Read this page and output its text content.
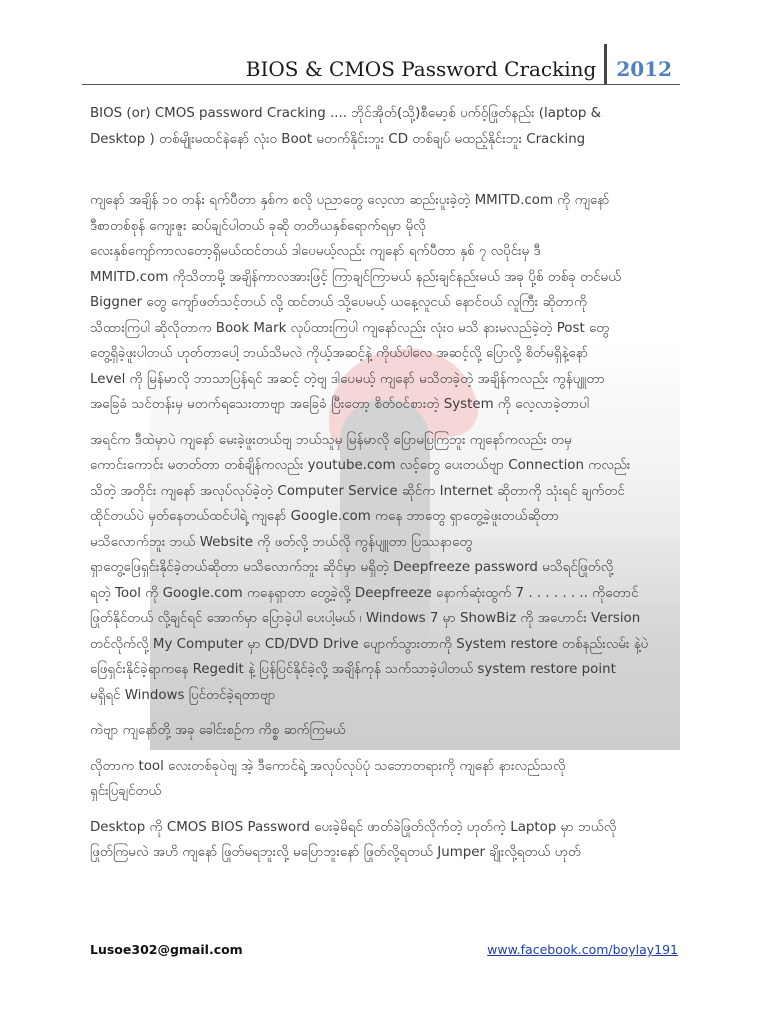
BIOS & CMOS Password Cracking	2012

BIOS (or) CMOS password Cracking .... ဘိုင်အိုတ်(သို့)စီမော့စ် ပက်ဝ့်ဖြုတ်နည်း (laptop &
Desktop ) တစ်မျိုးမထင်နဲနော် လုံးဝ Boot မတက်နိုင်းဘူး CD တစ်ချပ် မထည့်နိုင်းဘူး Cracking

ကျနော် အချိန် ၁၀ တန်း ရက်ပီတာ နှစ်က စလို ပညာတွေ လေ့လာ ဆည်းပူးခဲ့တဲ့ MMITD.com ကို ကျနော်
ဒီစာတစ်စုန် ကျေးဇူး ဆပ်ချင်ပါတယ် ခုဆို တတိယနှစ်ရောက်ရမှာ မိုလို
လေးနှစ်ကျော်ကာလတော့ရှိမယ်ထင်တယ် ဒါပေမယ့်လည်း ကျနော် ရက်ပီတာ နှစ် ၇ လပိုင်းမှ ဒီ
MMITD.com ကိုသိတာမို့ အချိန်ကာလအားဖြင့် ကြာချင်ကြာမယ် နည်းချင်နည်းမယ် အခု ပို့စ် တစ်ခု တင်မယ်
Biggner တွေ ကျော်ဖတ်သင့်တယ် လို့ ထင်တယ် သို့ပေမယ့် ယနေ့လူငယ် နောင်ဝယ် လူကြီး ဆိုတာကို
သိထားကြပါ ဆိုလိုတာက Book Mark လုပ်ထားကြပါ ကျနော်လည်း လုံးဝ မသိ နားမလည်ခဲ့တဲ့ Post တွေ
တွေ့ရှိခဲ့ဖူးပါတယ် ဟုတ်တာပေါ့ ဘယ်သိမလဲ ကိုယ့်အဆင့်နဲ့ ကိုယ်ပါလေ အဆင့်လို့ ပြောလို့ စိတ်မရှိနဲ့နော်
Level ကို မြန်မာလို ဘာသာပြန်ရင် အဆင့် တဲ့ဗျ ဒါပေမယ့် ကျနော် မသိတခဲ့တဲ့ အချိန်ကလည်း ကွန်ပျူတာ
အခြေခံ သင်တန်းမှ မတက်ရသေးတာဗျာ အခြေခံ ပြီးတော့ စိတ်ဝင်စားတဲ့ System ကို လေ့လာခဲ့တာပါ

အရင်က ဒီထဲမှာပဲ ကျနော် မေးခဲ့ဖူးတယ်ဗျ ဘယ်သူမှ မြန်မာလို ပြောမပြကြဘူး ကျနော်ကလည်း တမှ
ကောင်းကောင်း မတတ်တာ တစ်ချိန်ကလည်း youtube.com လင့်တွေ ပေးတယ်ဗျာ Connection ကလည်း
သိတဲ့ အတိုင်း ကျနော် အလုပ်လုပ်ခဲ့တဲ့ Computer Service ဆိုင်က Internet ဆိုတာကို သုံးရင် ချက်တင်
ထိုင်တယ်ပဲ မှတ်နေတယ်ထင်ပါရဲ့ ကျနော် Google.com ကနေ ဘာတွေ ရှာတွေ့ခဲ့ဖူးတယ်ဆိုတာ
မသိလောက်ဘူး ဘယ် Website ကို ဖတ်လို့ ဘယ်လို ကွန်ပျူတာ ပြဿနာတွေ
ရှာတွေ့ဖြေရှင်းနိုင်ခဲ့တယ်ဆိုတာ မသိလောက်ဘူး ဆိုင်မှာ မရှိတဲ့ Deepfreeze password မသိရင်ဖြုတ်လို့
ရတဲ့ Tool ကို Google.com ကနေရှာတာ တွေ့ခဲ့လို့ Deepfreeze နောက်ဆုံးထွက် 7 . . . . . . .. ကိုတောင်
ဖြုတ်နိုင်တယ် လို့ချင်ရင် အောက်မှာ ပြောခဲ့ပါ ပေးပါ့မယ် ၊ Windows 7 မှာ ShowBiz ကို အဟောင်း Version
တင်လိုက်လို့ My Computer မှာ CD/DVD Drive ပျောက်သွားတာကို System restore တစ်နည်းလမ်း နဲ့ပဲ
ဖြေရှင်းနိုင်ခဲ့ရာကနေ Regedit နဲ့ ပြန်ပြင်နိုင်ခဲ့လို့ အချိန်ကုန် သက်သာခဲ့ပါတယ် system restore point
မရှိရင် Windows ပြင်တင်ခဲ့ရတာဗျာ

ကဲဗျာ ကျနော်တို့ အခု ခေါင်းစဉ်က ကိစ္စ ဆက်ကြမယ်

လိုတာက tool လေးတစ်ခုပဲဗျ အဲ့ ဒီကောင်ရဲ့ အလုပ်လုပ်ပုံ သဘောတရားကို ကျနော် နားလည်သလို
ရှင်းပြချင်တယ်

Desktop ကို CMOS BIOS Password ပေးခဲ့မိရင် ဖာတ်ခဲဖြုတ်လိုက်တဲ့ ဟုတ်ကဲ့ Laptop မှာ ဘယ်လို
ဖြုတ်ကြမလဲ အဟိ ကျနော် ဖြုတ်မရဘူးလို့ မပြောဘူးနော် ဖြုတ်လို့ရတယ် Jumper ချိုးလို့ရတယ် ဟုတ်

Lusoe302@gmail.com	www.facebook.com/boylay191
